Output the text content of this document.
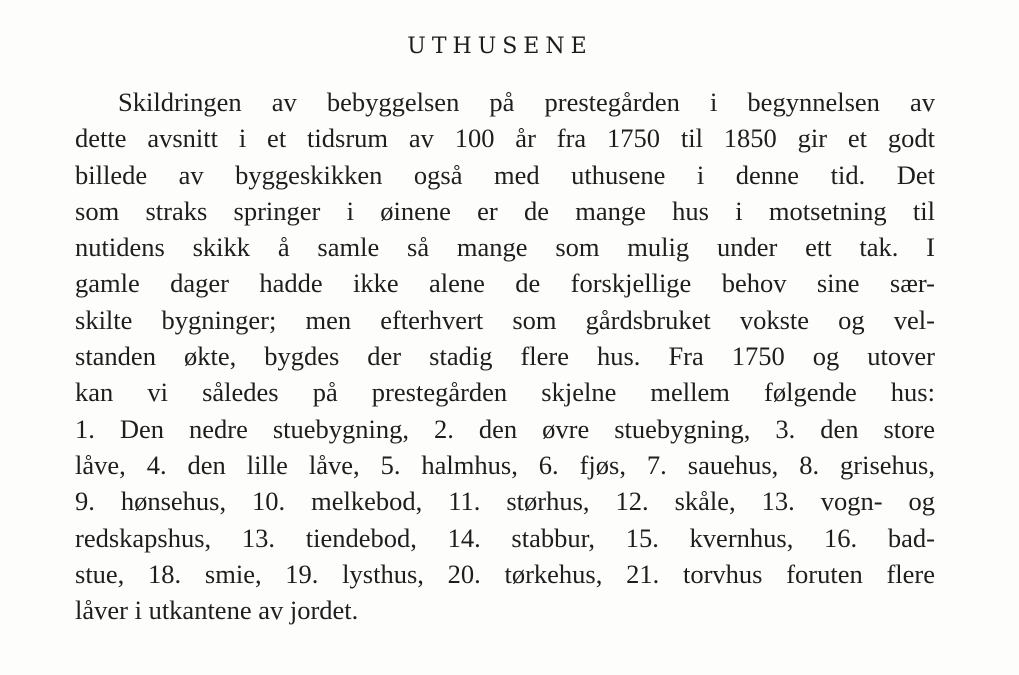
UTHUSENE
Skildringen av bebyggelsen på prestegården i begynnelsen av
dette avsnitt i et tidsrum av 100 år fra 1750 til 1850 gir et godt
billede av byggeskikken også med uthusene i denne tid. Det
som straks springer i øinene er de mange hus i motsetning til
nutidens skikk å samle så mange som mulig under ett tak. I
gamle dager hadde ikke alene de forskjellige behov sine sær-
skilte bygninger; men efterhvert som gårdsbruket vokste og vel-
standen økte, bygdes der stadig flere hus. Fra 1750 og utover
kan vi således på prestegården skjelne mellem følgende hus:
1. Den nedre stuebygning, 2. den øvre stuebygning, 3. den store
låve, 4. den lille låve, 5. halmhus, 6. fjøs, 7. sauehus, 8. grisehus,
9. hønsehus, 10. melkebod, 11. størhus, 12. skåle, 13. vogn- og
redskapshus, 13. tiendebod, 14. stabbur, 15. kvernhus, 16. bad-
stue, 18. smie, 19. lysthus, 20. tørkehus, 21. torvhus foruten flere
låver i utkantene av jordet.
